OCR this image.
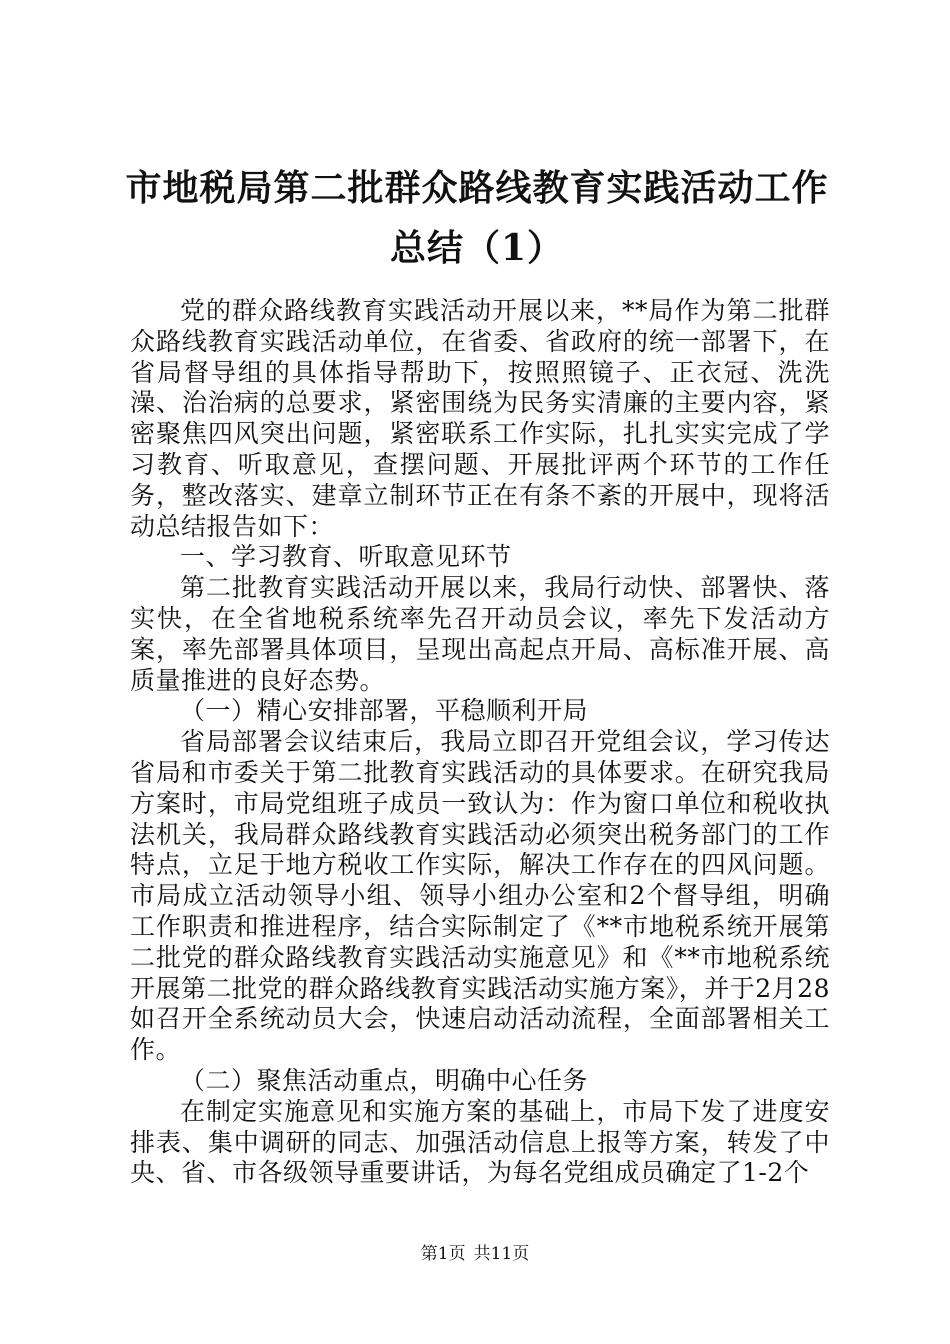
市地税局第二批群众路线教育实践活动工作总结（1）

党的群众路线教育实践活动开展以来，**局作为第二批群众路线教育实践活动单位，在省委、省政府的统一部署下，在省局督导组的具体指导帮助下，按照照镜子、正衣冠、洗洗澡、治治病的总要求，紧密围绕为民务实清廉的主要内容，紧密聚焦四风突出问题，紧密联系工作实际，扎扎实实完成了学习教育、听取意见，查摆问题、开展批评两个环节的工作任务，整改落实、建章立制环节正在有条不紊的开展中，现将活动总结报告如下：

一、学习教育、听取意见环节

第二批教育实践活动开展以来，我局行动快、部署快、落实快，在全省地税系统率先召开动员会议，率先下发活动方案，率先部署具体项目，呈现出高起点开局、高标准开展、高质量推进的良好态势。

（一）精心安排部署，平稳顺利开局

省局部署会议结束后，我局立即召开党组会议，学习传达省局和市委关于第二批教育实践活动的具体要求。在研究我局方案时，市局党组班子成员一致认为：作为窗口单位和税收执法机关，我局群众路线教育实践活动必须突出税务部门的工作特点，立足于地方税收工作实际，解决工作存在的四风问题。市局成立活动领导小组、领导小组办公室和2个督导组，明确工作职责和推进程序，结合实际制定了《**市地税系统开展第二批党的群众路线教育实践活动实施意见》和《**市地税系统开展第二批党的群众路线教育实践活动实施方案》，并于2月28如召开全系统动员大会，快速启动活动流程，全面部署相关工作。

（二）聚焦活动重点，明确中心任务

在制定实施意见和实施方案的基础上，市局下发了进度安排表、集中调研的同志、加强活动信息上报等方案，转发了中央、省、市各级领导重要讲话，为每名党组成员确定了1-2个

第1页 共11页
